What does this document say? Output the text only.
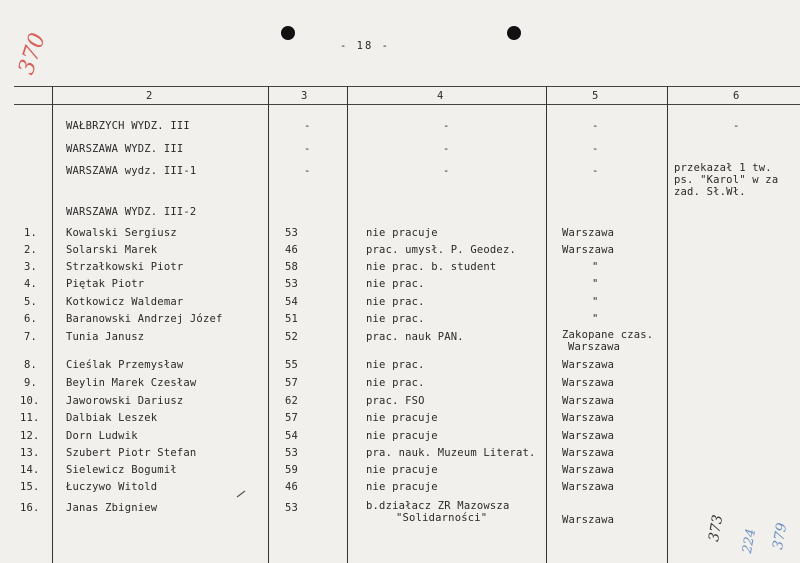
370	- 18 -
2	3	4	5	6
WAŁBRZYCH WYDZ. III	-	-	-	-
WARSZAWA WYDZ. III	-	-	-
WARSZAWA wydz. III-1	-	-	-	przekazał 1 tw.
ps. "Karol" w za
zad. Sł.Wł.
WARSZAWA WYDZ. III-2
1.	Kowalski Sergiusz	53	nie pracuje	Warszawa
2.	Solarski Marek	46	prac. umysł. P. Geodez.	Warszawa
3.	Strzałkowski Piotr	58	nie prac. b. student	"
4.	Piętak Piotr	53	nie prac.	"
5.	Kotkowicz Waldemar	54	nie prac.	"
6.	Baranowski Andrzej Józef	51	nie prac.	"
7.	Tunia Janusz	52	prac. nauk PAN.	Zakopane czas.
Warszawa
8.	Cieślak Przemysław	55	nie prac.	Warszawa
9.	Beylin Marek Czesław	57	nie prac.	Warszawa
10.	Jaworowski Dariusz	62	prac. FSO	Warszawa
11.	Dalbiak Leszek	57	nie pracuje	Warszawa
12.	Dorn Ludwik	54	nie pracuje	Warszawa
13.	Szubert Piotr Stefan	53	pra. nauk. Muzeum Literat.	Warszawa
14.	Sielewicz Bogumił	59	nie pracuje	Warszawa
15.	Łuczywo Witold	46	nie pracuje	Warszawa
16.	Janas Zbigniew	53	b.działacz ZR Mazowsza
"Solidarności"	Warszawa	373	379
224
